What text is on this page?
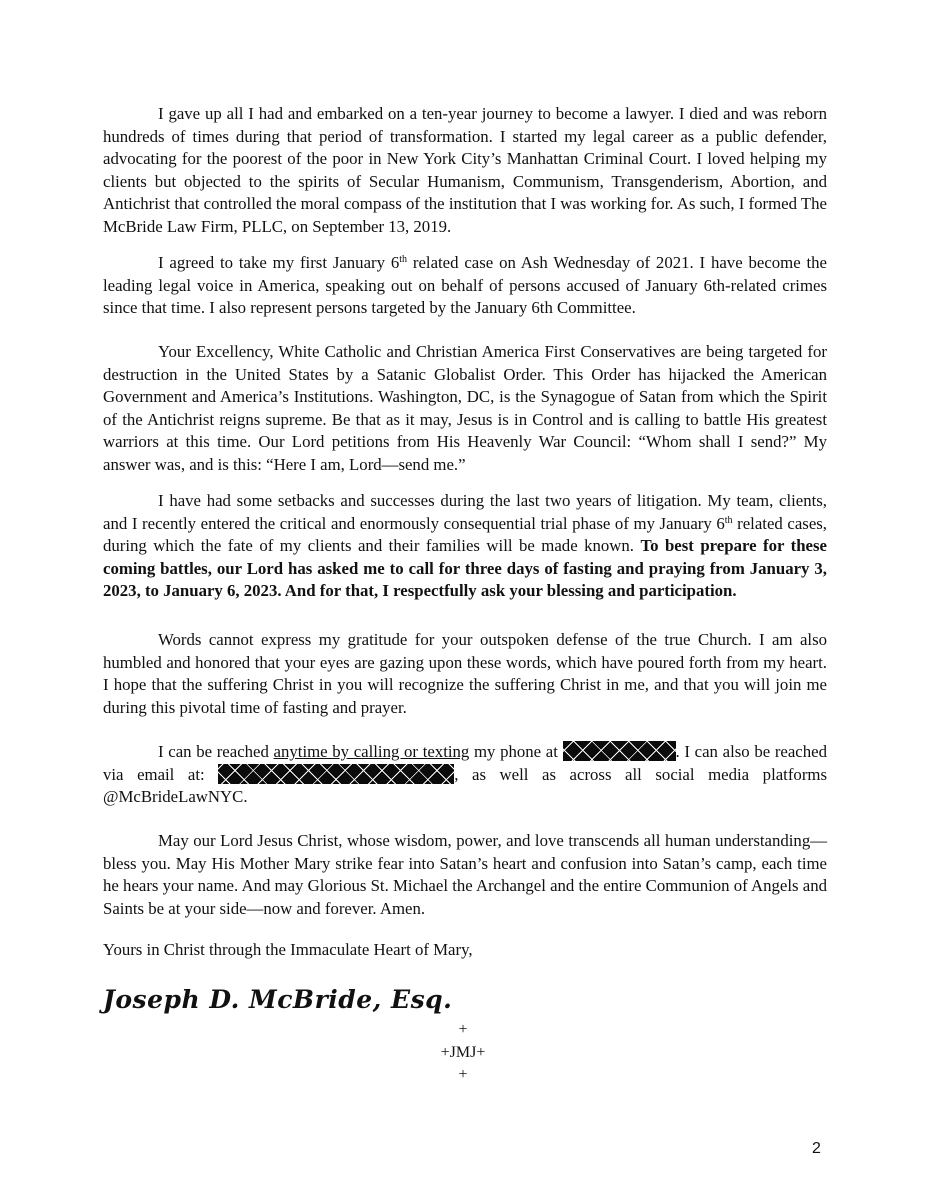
I gave up all I had and embarked on a ten-year journey to become a lawyer. I died and was reborn hundreds of times during that period of transformation. I started my legal career as a public defender, advocating for the poorest of the poor in New York City’s Manhattan Criminal Court. I loved helping my clients but objected to the spirits of Secular Humanism, Communism, Transgenderism, Abortion, and Antichrist that controlled the moral compass of the institution that I was working for. As such, I formed The McBride Law Firm, PLLC, on September 13, 2019.

I agreed to take my first January 6th related case on Ash Wednesday of 2021. I have become the leading legal voice in America, speaking out on behalf of persons accused of January 6th-related crimes since that time. I also represent persons targeted by the January 6th Committee.

Your Excellency, White Catholic and Christian America First Conservatives are being targeted for destruction in the United States by a Satanic Globalist Order. This Order has hijacked the American Government and America’s Institutions. Washington, DC, is the Synagogue of Satan from which the Spirit of the Antichrist reigns supreme. Be that as it may, Jesus is in Control and is calling to battle His greatest warriors at this time. Our Lord petitions from His Heavenly War Council: “Whom shall I send?” My answer was, and is this: “Here I am, Lord—send me.”

I have had some setbacks and successes during the last two years of litigation. My team, clients, and I recently entered the critical and enormously consequential trial phase of my January 6th related cases, during which the fate of my clients and their families will be made known. To best prepare for these coming battles, our Lord has asked me to call for three days of fasting and praying from January 3, 2023, to January 6, 2023. And for that, I respectfully ask your blessing and participation.

Words cannot express my gratitude for your outspoken defense of the true Church. I am also humbled and honored that your eyes are gazing upon these words, which have poured forth from my heart. I hope that the suffering Christ in you will recognize the suffering Christ in me, and that you will join me during this pivotal time of fasting and prayer.

I can be reached anytime by calling or texting my phone at	. I can also be reached via email at:	, as well as across all social media platforms @McBrideLawNYC.

May our Lord Jesus Christ, whose wisdom, power, and love transcends all human understanding—bless you. May His Mother Mary strike fear into Satan’s heart and confusion into Satan’s camp, each time he hears your name. And may Glorious St. Michael the Archangel and the entire Communion of Angels and Saints be at your side—now and forever. Amen.

Yours in Christ through the Immaculate Heart of Mary,

Joseph D. McBride, Esq.
+
+JMJ+
+
2
